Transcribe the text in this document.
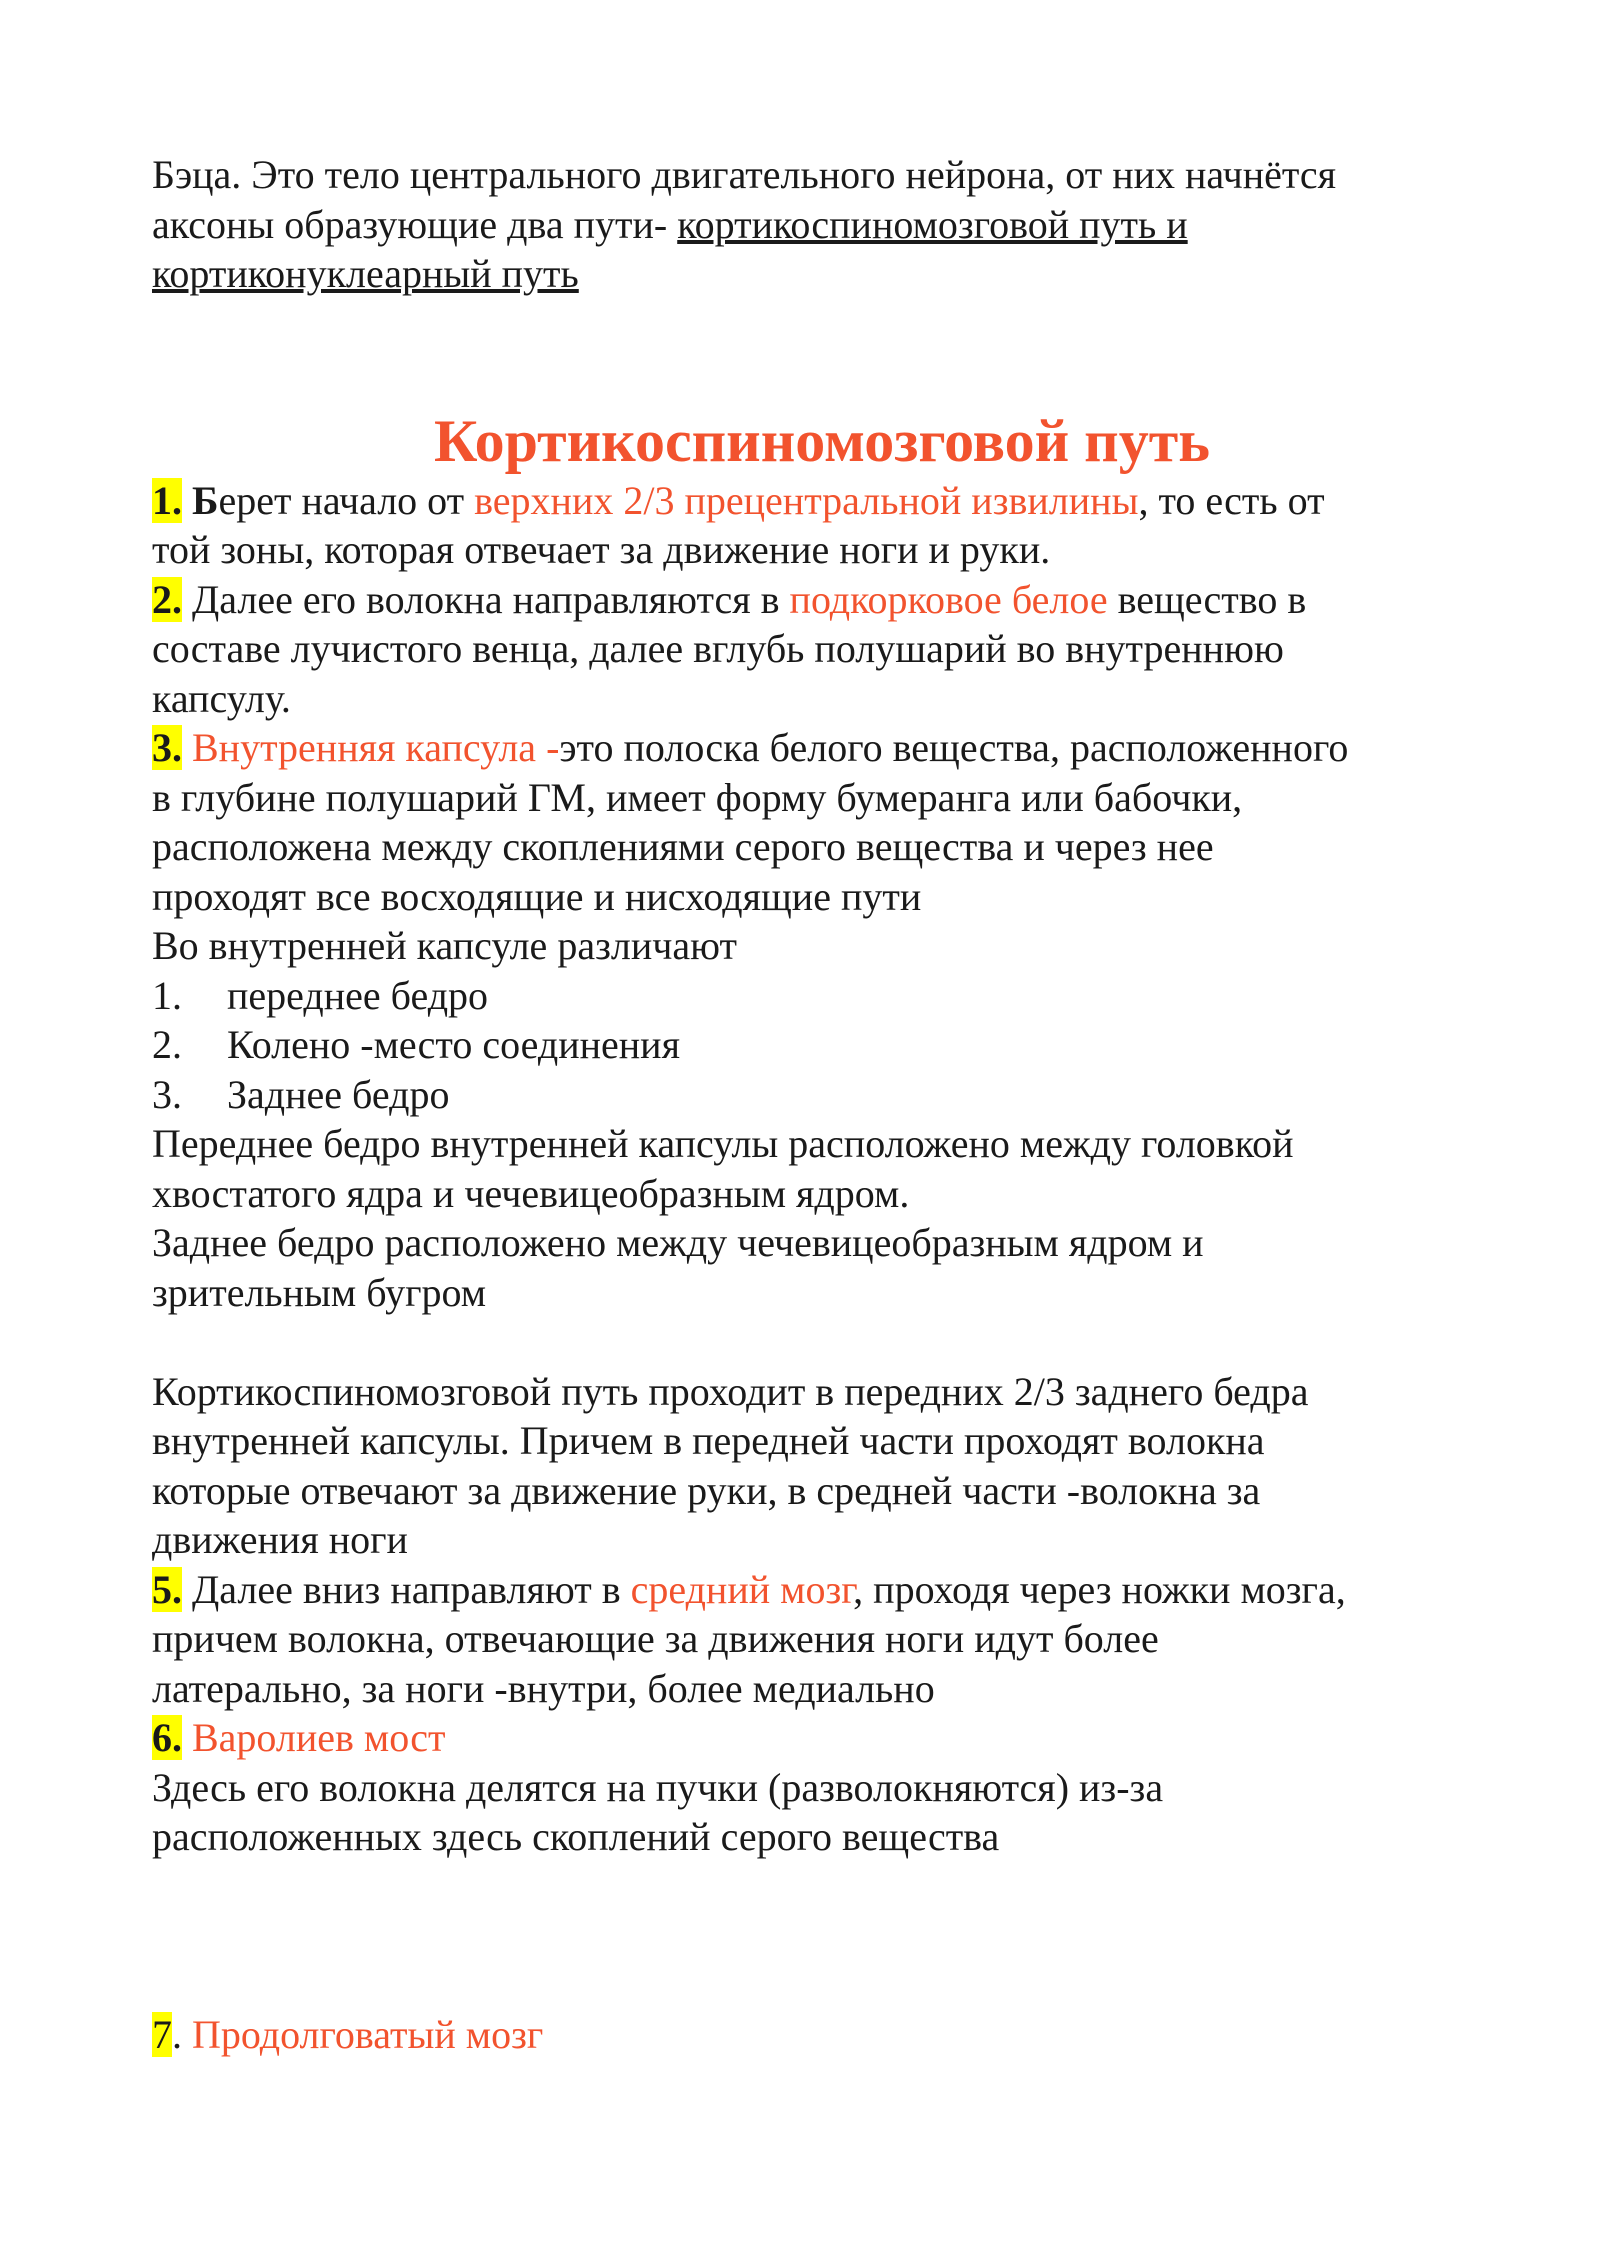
Бэца. Это тело центрального двигательного нейрона, от них начнётся
аксоны образующие два пути- кортикоспиномозговой путь и
кортиконуклеарный путь
Кортикоспиномозговой путь
1. Берет начало от верхних 2/3 прецентральной извилины, то есть от
той зоны, которая отвечает за движение ноги и руки.
2. Далее его волокна направляются в подкорковое белое вещество в
составе лучистого венца, далее вглубь полушарий во внутреннюю
капсулу.
3. Внутренняя капсула -это полоска белого вещества, расположенного
в глубине полушарий ГМ, имеет форму бумеранга или бабочки,
расположена между скоплениями серого вещества и через нее
проходят все восходящие и нисходящие пути
Во внутренней капсуле различают
1.	переднее бедро
2.	Колено -место соединения
3.	Заднее бедро
Переднее бедро внутренней капсулы расположено между головкой
хвостатого ядра и чечевицеобразным ядром.
Заднее бедро расположено между чечевицеобразным ядром и
зрительным бугром
Кортикоспиномозговой путь проходит в передних 2/3 заднего бедра
внутренней капсулы. Причем в передней части проходят волокна
которые отвечают за движение руки, в средней части -волокна за
движения ноги
5. Далее вниз направляют в средний мозг, проходя через ножки мозга,
причем волокна, отвечающие за движения ноги идут более
латерально, за ноги -внутри, более медиально
6. Варолиев мост
Здесь его волокна делятся на пучки (разволокняются) из-за
расположенных здесь скоплений серого вещества
7. Продолговатый мозг
